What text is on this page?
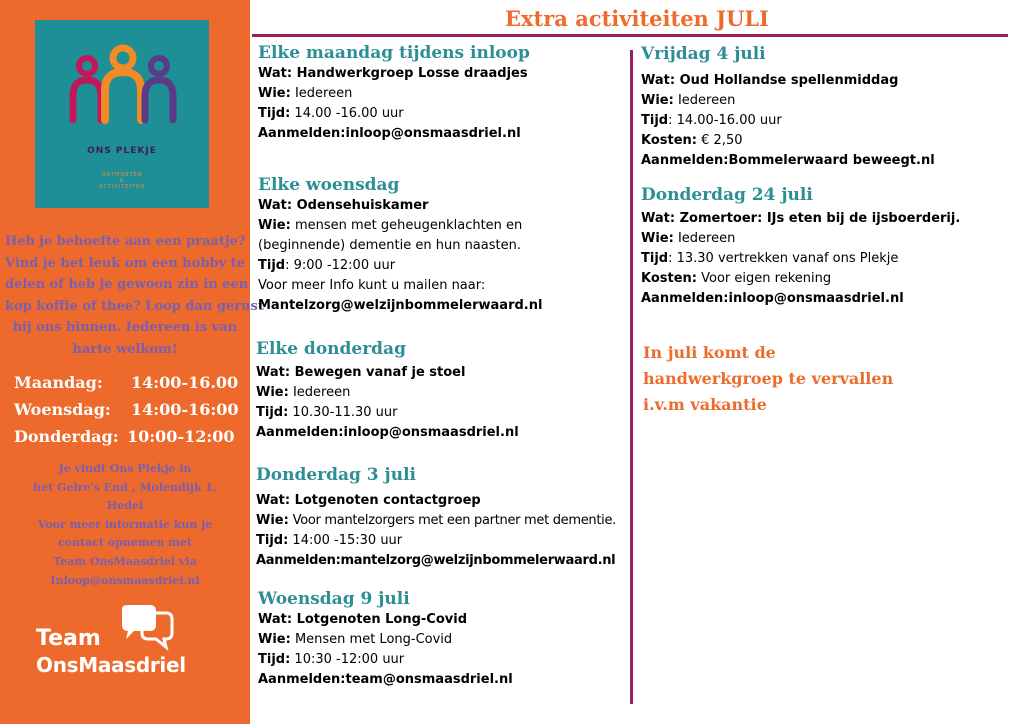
ONS PLEKJE
ONTMOETEN
&
ACTIVITEITEN
Heb je behoefte aan een praatje?
Vind je het leuk om een hobby te
delen of heb je gewoon zin in een
kop koffie of thee? Loop dan gerust
bij ons binnen. Iedereen is van
harte welkom!
Maandag: 14:00-16.00
Woensdag: 14:00-16:00
Donderdag: 10:00-12:00
Je vindt Ons Plekje in
het Gelre's End , Molendijk 1,
Hedel
Voor meer informatie kun je
contact opnemen met
Team OnsMaasdriel via
Inloop@onsmaasdriel.nl
Team
OnsMaasdriel
Extra activiteiten JULI
Elke maandag tijdens inloop
Wat: Handwerkgroep Losse draadjes
Wie: Iedereen
Tijd: 14.00 -16.00 uur
Aanmelden:inloop@onsmaasdriel.nl
Elke woensdag
Wat: Odensehuiskamer
Wie: mensen met geheugenklachten en
(beginnende) dementie en hun naasten.
Tijd: 9:00 -12:00 uur
Voor meer Info kunt u mailen naar:
Mantelzorg@welzijnbommelerwaard.nl
Elke donderdag
Wat: Bewegen vanaf je stoel
Wie: Iedereen
Tijd: 10.30-11.30 uur
Aanmelden:inloop@onsmaasdriel.nl
Donderdag 3 juli
Wat: Lotgenoten contactgroep
Wie: Voor mantelzorgers met een partner met dementie.
Tijd: 14:00 -15:30 uur
Aanmelden:mantelzorg@welzijnbommelerwaard.nl
Woensdag 9 juli
Wat: Lotgenoten Long-Covid
Wie: Mensen met Long-Covid
Tijd: 10:30 -12:00 uur
Aanmelden:team@onsmaasdriel.nl
Vrijdag 4 juli
Wat: Oud Hollandse spellenmiddag
Wie: Iedereen
Tijd: 14.00-16.00 uur
Kosten: € 2,50
Aanmelden:Bommelerwaard beweegt.nl
Donderdag 24 juli
Wat: Zomertoer: IJs eten bij de ijsboerderij.
Wie: Iedereen
Tijd: 13.30 vertrekken vanaf ons Plekje
Kosten: Voor eigen rekening
Aanmelden:inloop@onsmaasdriel.nl
In juli komt de
handwerkgroep te vervallen
i.v.m vakantie
